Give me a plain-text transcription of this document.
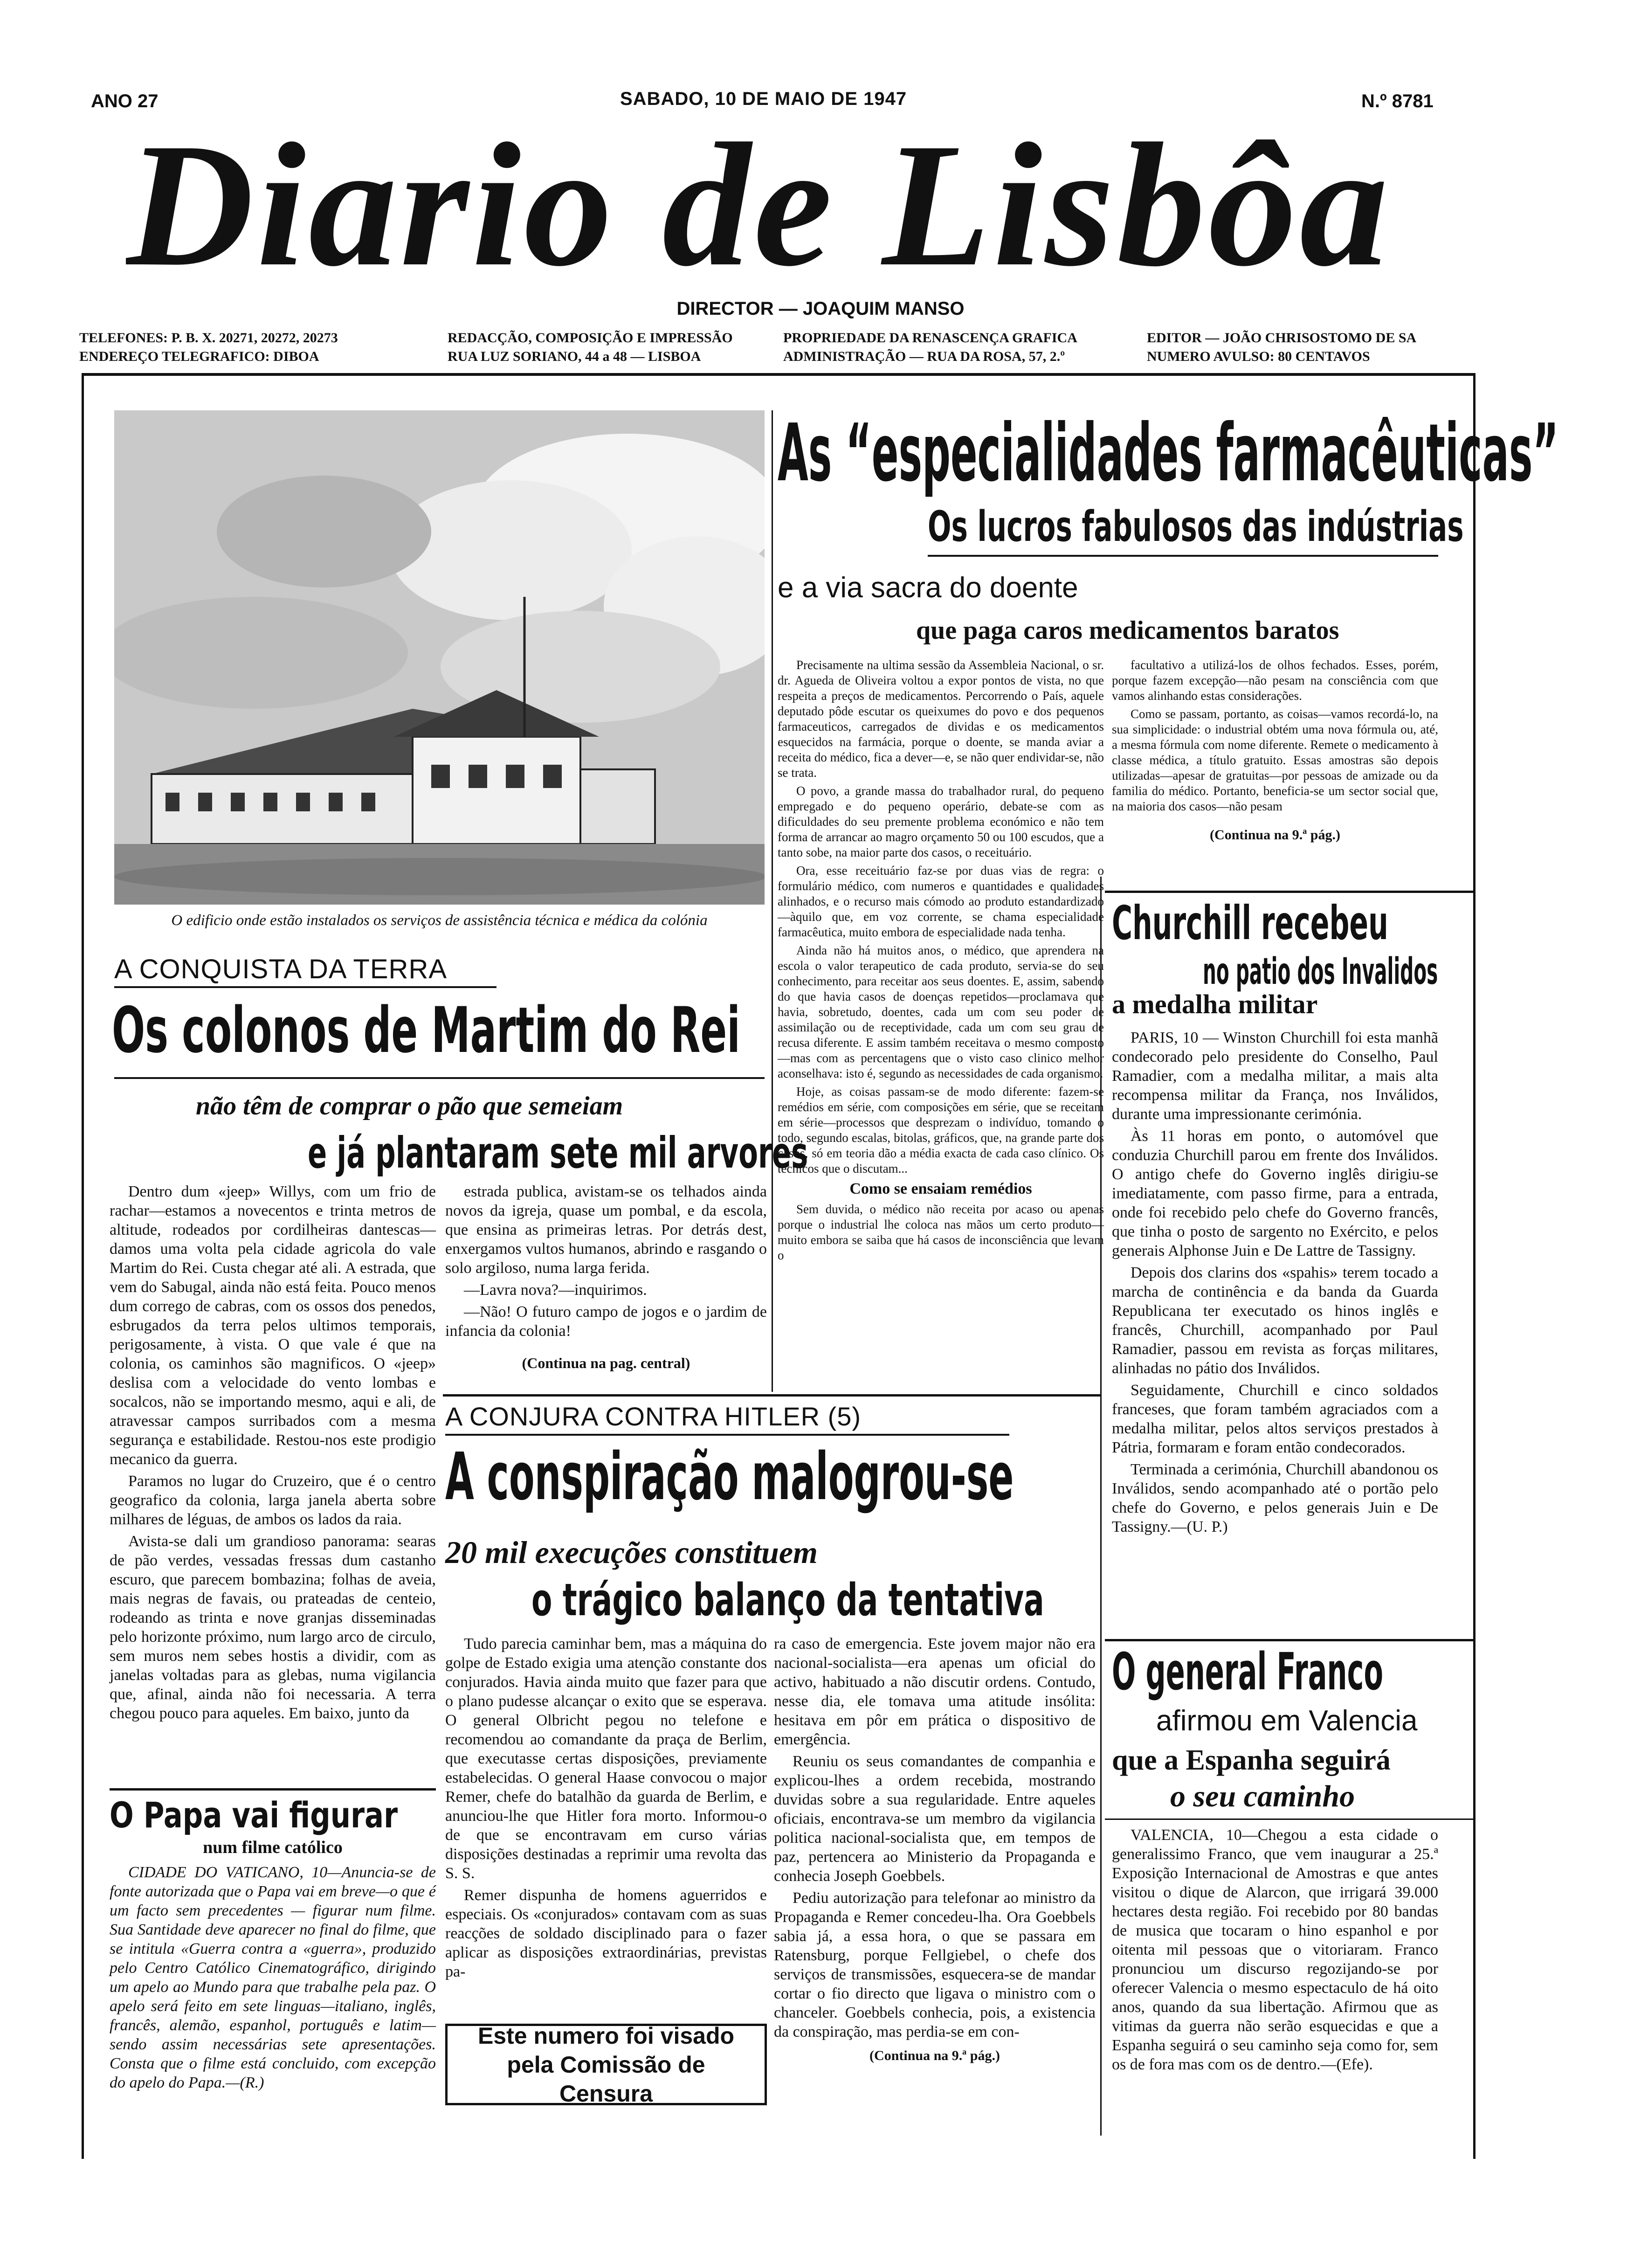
ANO 27	SABADO, 10 DE MAIO DE 1947	N.º 8781
Diario de Lisbôa
DIRECTOR — JOAQUIM MANSO
TELEFONES: P. B. X. 20271, 20272, 20273
ENDEREÇO TELEGRAFICO: DIBOA
REDACÇÃO, COMPOSIÇÃO E IMPRESSÃO
RUA LUZ SORIANO, 44 a 48 — LISBOA
PROPRIEDADE DA RENASCENÇA GRAFICA
ADMINISTRAÇÃO — RUA DA ROSA, 57, 2.º
EDITOR — JOÃO CHRISOSTOMO DE SA
NUMERO AVULSO: 80 CENTAVOS
O edificio onde estão instalados os serviços de assistência técnica e médica da colónia
A CONQUISTA DA TERRA
Os colonos de Martim do Rei
não têm de comprar o pão que semeiam
e já plantaram sete mil arvores

Dentro dum «jeep» Willys, com um frio de rachar—estamos a novecentos e trinta metros de altitude, rodeados por cordilheiras dantescas—damos uma volta pela cidade agricola do vale Martim do Rei. Custa chegar até ali. A estrada, que vem do Sabugal, ainda não está feita. Pouco menos dum corrego de cabras, com os ossos dos penedos, esbrugados da terra pelos ultimos temporais, perigosamente, à vista. O que vale é que na colonia, os caminhos são magnificos. O «jeep» deslisa com a velocidade do vento lombas e socalcos, não se importando mesmo, aqui e ali, de atravessar campos surribados com a mesma segurança e estabilidade. Restou-nos este prodigio mecanico da guerra.

Paramos no lugar do Cruzeiro, que é o centro geografico da colonia, larga janela aberta sobre milhares de léguas, de ambos os lados da raia.

Avista-se dali um grandioso panorama: searas de pão verdes, vessadas fressas dum castanho escuro, que parecem bombazina; folhas de aveia, mais negras de favais, ou prateadas de centeio, rodeando as trinta e nove granjas disseminadas pelo horizonte próximo, num largo arco de circulo, sem muros nem sebes hostis a dividir, com as janelas voltadas para as glebas, numa vigilancia que, afinal, ainda não foi necessaria. A terra chegou pouco para aqueles. Em baixo, junto da

estrada publica, avistam-se os telhados ainda novos da igreja, quase um pombal, e da escola, que ensina as primeiras letras. Por detrás dest, enxergamos vultos humanos, abrindo e rasgando o solo argiloso, numa larga ferida.

—Lavra nova?—inquirimos.

—Não! O futuro campo de jogos e o jardim de infancia da colonia!

(Continua na pag. central)
O Papa vai figurar
num filme católico

CIDADE DO VATICANO, 10—Anuncia-se de fonte autorizada que o Papa vai em breve—o que é um facto sem precedentes — figurar num filme. Sua Santidade deve aparecer no final do filme, que se intitula «Guerra contra a «guerra», produzido pelo Centro Católico Cinematográfico, dirigindo um apelo ao Mundo para que trabalhe pela paz. O apelo será feito em sete linguas—italiano, inglês, francês, alemão, espanhol, português e latim—sendo assim necessárias sete apresentações. Consta que o filme está concluido, com excepção do apelo do Papa.—(R.)

As “especialidades farmacêuticas”
Os lucros fabulosos das indústrias
e a via sacra do doente
que paga caros medicamentos baratos

Precisamente na ultima sessão da Assembleia Nacional, o sr. dr. Agueda de Oliveira voltou a expor pontos de vista, no que respeita a preços de medicamentos. Percorrendo o País, aquele deputado pôde escutar os queixumes do povo e dos pequenos farmaceuticos, carregados de dividas e os medicamentos esquecidos na farmácia, porque o doente, se manda aviar a receita do médico, fica a dever—e, se não quer endividar-se, não se trata.

O povo, a grande massa do trabalhador rural, do pequeno empregado e do pequeno operário, debate-se com as dificuldades do seu premente problema económico e não tem forma de arrancar ao magro orçamento 50 ou 100 escudos, que a tanto sobe, na maior parte dos casos, o receituário.

Ora, esse receituário faz-se por duas vias de regra: o formulário médico, com numeros e quantidades e qualidades alinhados, e o recurso mais cómodo ao produto estandardizado—àquilo que, em voz corrente, se chama especialidade farmacêutica, muito embora de especialidade nada tenha.

Ainda não há muitos anos, o médico, que aprendera na escola o valor terapeutico de cada produto, servia-se do seu conhecimento, para receitar aos seus doentes. E, assim, sabendo do que havia casos de doenças repetidos—proclamava que havia, sobretudo, doentes, cada um com seu poder de assimilação ou de receptividade, cada um com seu grau de recusa diferente. E assim também receitava o mesmo composto—mas com as percentagens que o visto caso clinico melhor aconselhava: isto é, segundo as necessidades de cada organismo.

Hoje, as coisas passam-se de modo diferente: fazem-se remédios em série, com composições em série, que se receitam em série—processos que desprezam o indivíduo, tomando o todo, segundo escalas, bitolas, gráficos, que, na grande parte dos casos, só em teoria dão a média exacta de cada caso clínico. Os técnicos que o discutam...

Como se ensaiam remédios

Sem duvida, o médico não receita por acaso ou apenas porque o industrial lhe coloca nas mãos um certo produto—muito embora se saiba que há casos de inconsciência que levam o

facultativo a utilizá-los de olhos fechados. Esses, porém, porque fazem excepção—não pesam na consciência com que vamos alinhando estas considerações.

Como se passam, portanto, as coisas—vamos recordá-lo, na sua simplicidade: o industrial obtém uma nova fórmula ou, até, a mesma fórmula com nome diferente. Remete o medicamento à classe médica, a título gratuito. Essas amostras são depois utilizadas—apesar de gratuitas—por pessoas de amizade ou da familia do médico. Portanto, beneficia-se um sector social que, na maioria dos casos—não pesam

(Continua na 9.ª pág.)
Churchill recebeu
no patio dos Invalidos
a medalha militar

PARIS, 10 — Winston Churchill foi esta manhã condecorado pelo presidente do Conselho, Paul Ramadier, com a medalha militar, a mais alta recompensa militar da França, nos Inválidos, durante uma impressionante cerimónia.

Às 11 horas em ponto, o automóvel que conduzia Churchill parou em frente dos Inválidos. O antigo chefe do Governo inglês dirigiu-se imediatamente, com passo firme, para a entrada, onde foi recebido pelo chefe do Governo francês, que tinha o posto de sargento no Exército, e pelos generais Alphonse Juin e De Lattre de Tassigny.

Depois dos clarins dos «spahis» terem tocado a marcha de continência e da banda da Guarda Republicana ter executado os hinos inglês e francês, Churchill, acompanhado por Paul Ramadier, passou em revista as forças militares, alinhadas no pátio dos Inválidos.

Seguidamente, Churchill e cinco soldados franceses, que foram também agraciados com a medalha militar, pelos altos serviços prestados à Pátria, formaram e foram então condecorados.

Terminada a cerimónia, Churchill abandonou os Inválidos, sendo acompanhado até o portão pelo chefe do Governo, e pelos generais Juin e De Tassigny.—(U. P.)

A CONJURA CONTRA HITLER (5)
A conspiração malogrou-se
20 mil execuções constituem
o trágico balanço da tentativa

Tudo parecia caminhar bem, mas a máquina do golpe de Estado exigia uma atenção constante dos conjurados. Havia ainda muito que fazer para que o plano pudesse alcançar o exito que se esperava. O general Olbricht pegou no telefone e recomendou ao comandante da praça de Berlim, que executasse certas disposições, previamente estabelecidas. O general Haase convocou o major Remer, chefe do batalhão da guarda de Berlim, e anunciou-lhe que Hitler fora morto. Informou-o de que se encontravam em curso várias disposições destinadas a reprimir uma revolta das S. S.

Remer dispunha de homens aguerridos e especiais. Os «conjurados» contavam com as suas reacções de soldado disciplinado para o fazer aplicar as disposições extraordinárias, previstas pa-

Este numero foi visado pela Comissão de Censura

ra caso de emergencia. Este jovem major não era nacional-socialista—era apenas um oficial do activo, habituado a não discutir ordens. Contudo, nesse dia, ele tomava uma atitude insólita: hesitava em pôr em prática o dispositivo de emergência.

Reuniu os seus comandantes de companhia e explicou-lhes a ordem recebida, mostrando duvidas sobre a sua regularidade. Entre aqueles oficiais, encontrava-se um membro da vigilancia politica nacional-socialista que, em tempos de paz, pertencera ao Ministerio da Propaganda e conhecia Joseph Goebbels.

Pediu autorização para telefonar ao ministro da Propaganda e Remer concedeu-lha. Ora Goebbels sabia já, a essa hora, o que se passara em Ratensburg, porque Fellgiebel, o chefe dos serviços de transmissões, esquecera-se de mandar cortar o fio directo que ligava o ministro com o chanceler. Goebbels conhecia, pois, a existencia da conspiração, mas perdia-se em con-

(Continua na 9.ª pág.)
O general Franco
afirmou em Valencia
que a Espanha seguirá
o seu caminho

VALENCIA, 10—Chegou a esta cidade o generalissimo Franco, que vem inaugurar a 25.ª Exposição Internacional de Amostras e que antes visitou o dique de Alarcon, que irrigará 39.000 hectares desta região. Foi recebido por 80 bandas de musica que tocaram o hino espanhol e por oitenta mil pessoas que o vitoriaram. Franco pronunciou um discurso regozijando-se por oferecer Valencia o mesmo espectaculo de há oito anos, quando da sua libertação. Afirmou que as vitimas da guerra não serão esquecidas e que a Espanha seguirá o seu caminho seja como for, sem os de fora mas com os de dentro.—(Efe).
